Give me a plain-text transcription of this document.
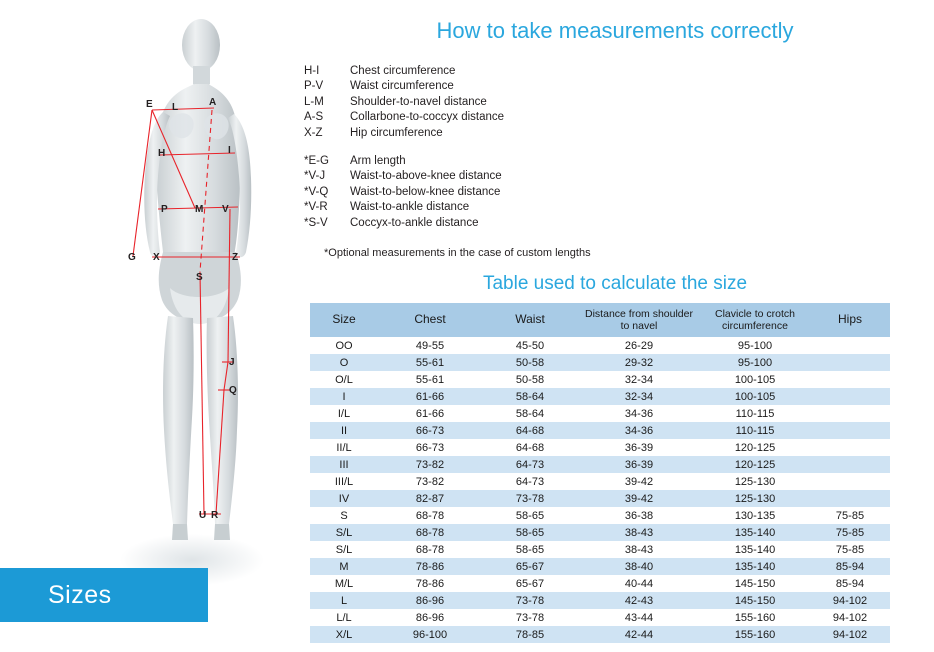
E	A
L
H	I
P	M V
G X
S
Z
J
Q
U R
Sizes
How to take measurements correctly
H-I	Chest circumference
P-V	Waist circumference
L-M	Shoulder-to-navel distance
A-S	Collarbone-to-coccyx distance
X-Z	Hip circumference
*E-G	Arm length
*V-J	Waist-to-above-knee distance
*V-Q	Waist-to-below-knee distance
*V-R	Waist-to-ankle distance
*S-V	Coccyx-to-ankle distance
*Optional measurements in the case of custom lengths
Table used to calculate the size
Size	Chest	Waist	Distance from shoulder to navel	Clavicle to crotch circumference	Hips
OO	49-55	45-50	26-29	95-100	
O	55-61	50-58	29-32	95-100	
O/L	55-61	50-58	32-34	100-105	
I	61-66	58-64	32-34	100-105	
I/L	61-66	58-64	34-36	110-115	
II	66-73	64-68	34-36	110-115	
II/L	66-73	64-68	36-39	120-125	
III	73-82	64-73	36-39	120-125	
III/L	73-82	64-73	39-42	125-130	
IV	82-87	73-78	39-42	125-130	
S	68-78	58-65	36-38	130-135	75-85
S/L	68-78	58-65	38-43	135-140	75-85
S/L	68-78	58-65	38-43	135-140	75-85
M	78-86	65-67	38-40	135-140	85-94
M/L	78-86	65-67	40-44	145-150	85-94
L	86-96	73-78	42-43	145-150	94-102
L/L	86-96	73-78	43-44	155-160	94-102
X/L	96-100	78-85	42-44	155-160	94-102
